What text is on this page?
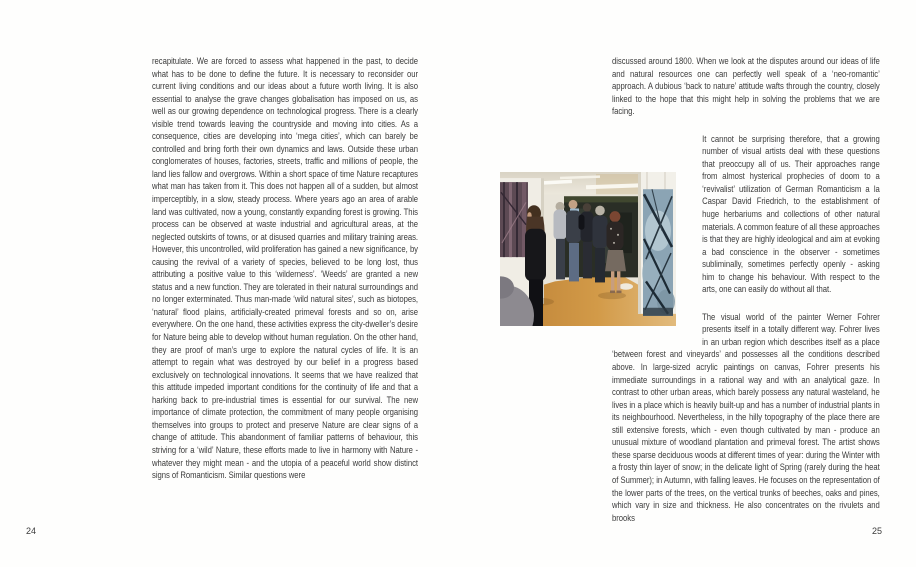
recapitulate. We are forced to assess what happened in the past, to decide what has to be done to define the future. It is necessary to reconsider our current living conditions and our ideas about a future worth living. It is also essential to analyse the grave changes globalisation has imposed on us, as well as our growing dependence on technological progress. There is a clearly visible trend towards leaving the countryside and moving into cities. As a consequence, cities are developing into ‘mega cities’, which can barely be controlled and bring forth their own dynamics and laws. Outside these urban conglomerates of houses, factories, streets, traffic and millions of people, the land lies fallow and overgrows. Within a short space of time Nature recaptures what man has taken from it. This does not happen all of a sudden, but almost imperceptibly, in a slow, steady process. Where years ago an area of arable land was cultivated, now a young, constantly expanding forest is growing. This process can be observed at waste industrial and agricultural areas, at the neglected outskirts of towns, or at disused quarries and military training areas. However, this uncontrolled, wild proliferation has gained a new significance, by causing the revival of a variety of species, believed to be long lost, thus attributing a positive value to this ‘wilderness’. ‘Weeds’ are granted a new status and a new function. They are tolerated in their natural surroundings and no longer exterminated. Thus man-made ‘wild natural sites’, such as biotopes, ‘natural’ flood plains, artificially-created primeval forests and so on, arise everywhere. On the one hand, these activities express the city-dweller’s desire for Nature being able to develop without human regulation. On the other hand, they are proof of man’s urge to explore the natural cycles of life. It is an attempt to regain what was destroyed by our belief in a progress based exclusively on technological innovations. It seems that we have realized that this attitude impeded important conditions for the continuity of life and that a harking back to pre-industrial times is essential for our survival. The new importance of climate protection, the commitment of many people organising themselves into groups to protect and preserve Nature are clear signs of a change of attitude. This abandonment of familiar patterns of behaviour, this striving for a ‘wild’ Nature, these efforts made to live in harmony with Nature - whatever they might mean - and the utopia of a peaceful world show distinct signs of Romanticism. Similar questions were

discussed around 1800. When we look at the disputes around our ideas of life and natural resources one can perfectly well speak of a ‘neo-romantic’ approach. A dubious ‘back to nature’ attitude wafts through the country, closely linked to the hope that this might help in solving the problems that we are facing.

It cannot be surprising therefore, that a growing number of visual artists deal with these questions that preoccupy all of us. Their approaches range from almost hysterical prophecies of doom to a ‘revivalist’ utilization of German Romanticism a la Caspar David Friedrich, to the establishment of huge herbariums and collections of other natural materials. A common feature of all these approaches is that they are highly ideological and aim at evoking a bad conscience in the observer - sometimes subliminally, sometimes perfectly openly - asking him to change his behaviour. With respect to the arts, one can easily do without all that.

The visual world of the painter Werner Fohrer presents itself in a totally different way. Fohrer lives in an urban region which describes itself as a place ‘between forest and vineyards’ and possesses all the conditions described above. In large-sized acrylic paintings on canvas, Fohrer presents his immediate surroundings in a rational way and with an analytical gaze. In contrast to other urban areas, which barely possess any natural wasteland, he lives in a place which is heavily built-up and has a number of industrial plants in its neighbourhood. Nevertheless, in the hilly topography of the place there are still extensive forests, which - even though cultivated by man - produce an unusual mixture of woodland plantation and primeval forest. The artist shows these sparse deciduous woods at different times of year: during the Winter with a frosty thin layer of snow; in the delicate light of Spring (rarely during the heat of Summer); in Autumn, with falling leaves. He focuses on the representation of the lower parts of the trees, on the vertical trunks of beeches, oaks and pines, which vary in size and thickness. He also concentrates on the rivulets and brooks

24	25
